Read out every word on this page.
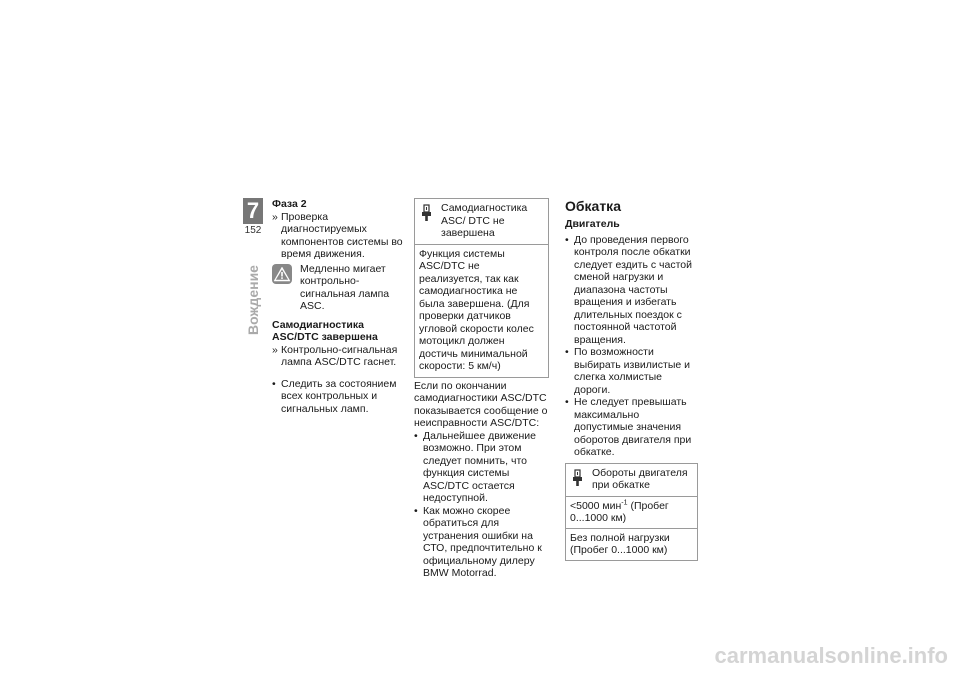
7
152
Вождение
Фаза 2
» Проверка диагностируемых компонентов системы во время движения.
Медленно мигает контрольно-сигнальная лампа ASC.
Самодиагностика ASC/DTC завершена
» Контрольно-сигнальная лампа ASC/DTC гаснет.
• Следить за состоянием всех контрольных и сигнальных ламп.
Самодиагностика ASC/ DTC не завершена
Функция системы ASC/DTC не реализуется, так как самодиагностика не была завершена. (Для проверки датчиков угловой скорости колес мотоцикл должен достичь минимальной скорости: 5 км/ч)

Если по окончании самодиагностики ASC/DTC показывается сообщение о неисправности ASC/DTC:

• Дальнейшее движение возможно. При этом следует помнить, что функция системы ASC/DTC остается недоступной.
• Как можно скорее обратиться для устранения ошибки на СТО, предпочтительно к официальному дилеру BMW Motorrad.
Обкатка
Двигатель
• До проведения первого контроля после обкатки следует ездить с частой сменой нагрузки и диапазона частоты вращения и избегать длительных поездок с постоянной частотой вращения.
• По возможности выбирать извилистые и слегка холмистые дороги.
• Не следует превышать максимально допустимые значения оборотов двигателя при обкатке.
Обороты двигателя при обкатке
<5000 мин$^{-1}$ (Пробег 0...1000 км)
Без полной нагрузки (Пробег 0...1000 км)
carmanualsonline.info
